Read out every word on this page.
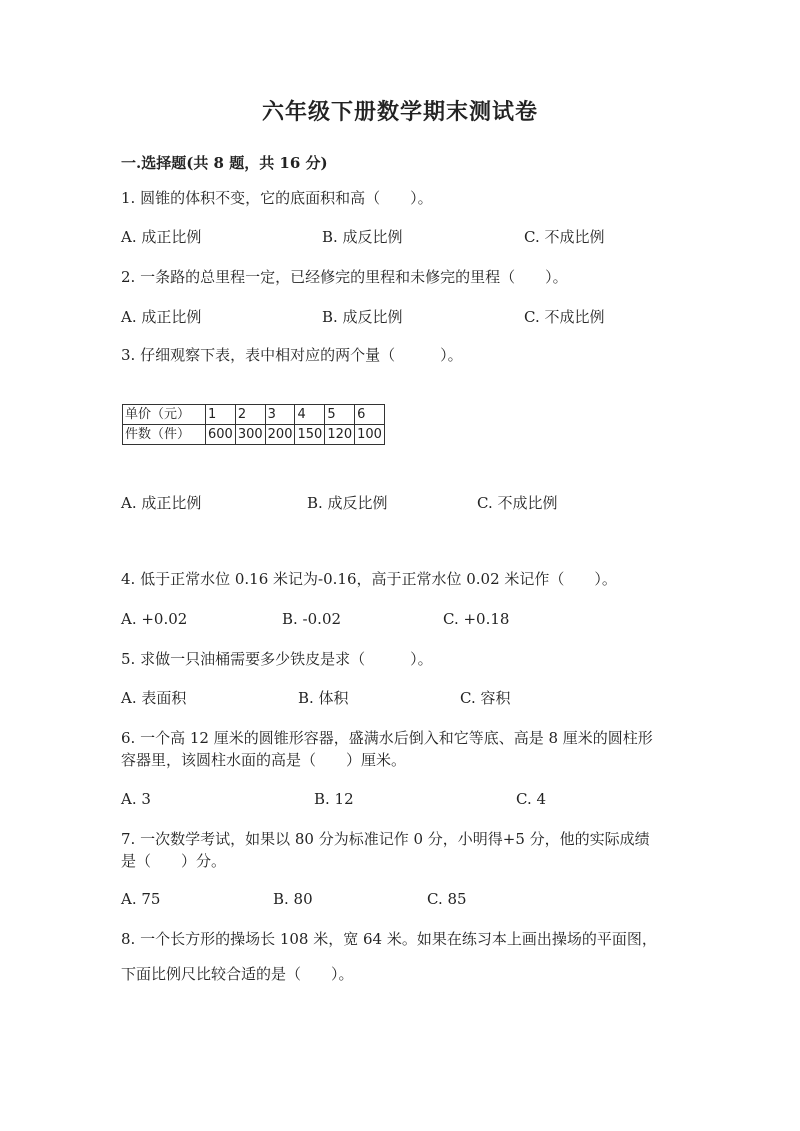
六年级下册数学期末测试卷
一.选择题(共 8 题，共 16 分)
1. 圆锥的体积不变，它的底面积和高（　　）。
A. 成正比例	B. 成反比例	C. 不成比例
2. 一条路的总里程一定，已经修完的里程和未修完的里程（　　）。
A. 成正比例	B. 成反比例	C. 不成比例
3. 仔细观察下表，表中相对应的两个量（　　　）。
单价（元）	1	2	3	4	5	6
件数（件）	600	300	200	150	120	100
A. 成正比例	B. 成反比例	C. 不成比例
4. 低于正常水位 0.16 米记为-0.16，高于正常水位 0.02 米记作（　　）。
A. +0.02	B. -0.02	C. +0.18
5. 求做一只油桶需要多少铁皮是求（　　　）。
A. 表面积	B. 体积	C. 容积
6. 一个高 12 厘米的圆锥形容器，盛满水后倒入和它等底、高是 8 厘米的圆柱形
容器里，该圆柱水面的高是（　　）厘米。
A. 3	B. 12	C. 4
7. 一次数学考试，如果以 80 分为标准记作 0 分，小明得+5 分，他的实际成绩
是（　　）分。
A. 75	B. 80	C. 85
8. 一个长方形的操场长 108 米，宽 64 米。如果在练习本上画出操场的平面图，
下面比例尺比较合适的是（　　）。
